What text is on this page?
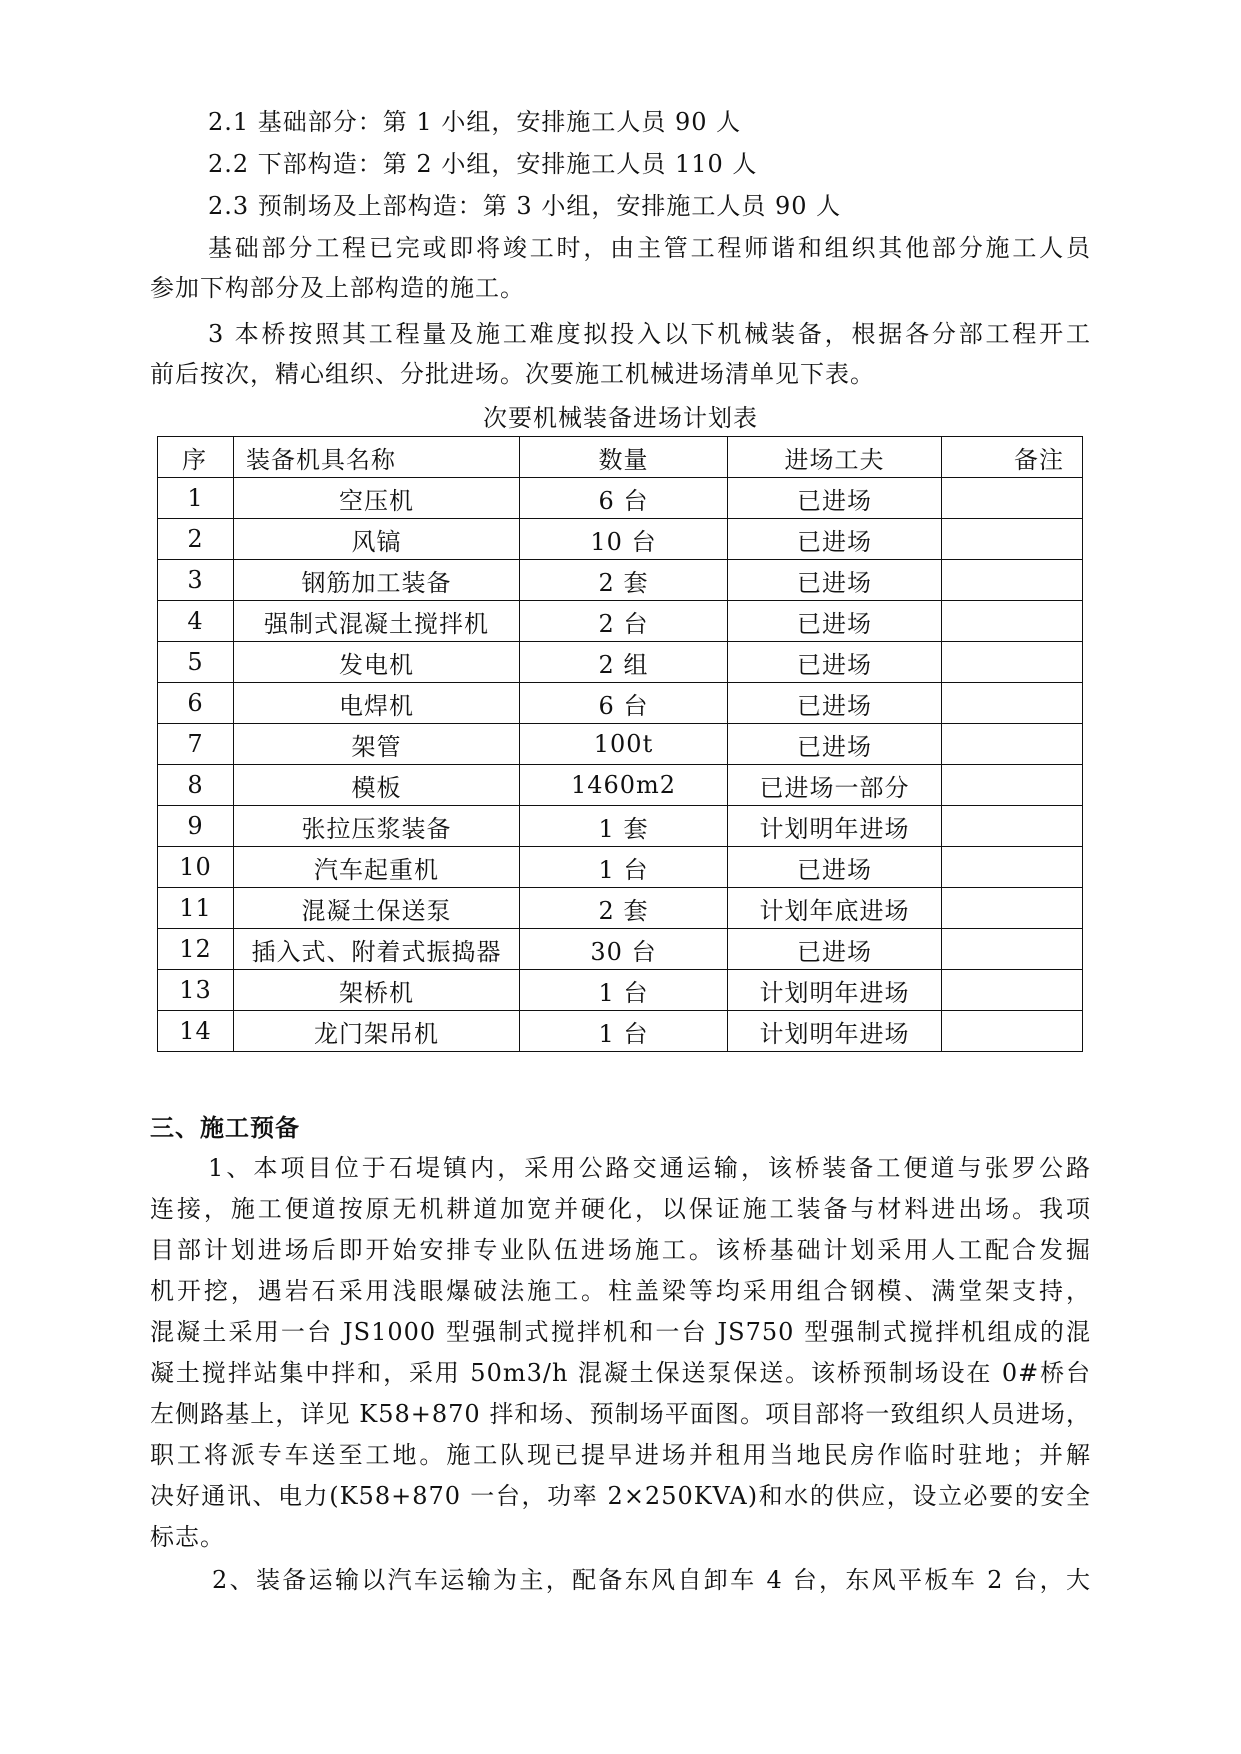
2.1 基础部分：第 1 小组，安排施工人员 90 人
2.2 下部构造：第 2 小组，安排施工人员 110 人
2.3 预制场及上部构造：第 3 小组，安排施工人员 90 人
基础部分工程已完或即将竣工时，由主管工程师谐和组织其他部分施工人员
参加下构部分及上部构造的施工。
3 本桥按照其工程量及施工难度拟投入以下机械装备，根据各分部工程开工
前后按次，精心组织、分批进场。次要施工机械进场清单见下表。
次要机械装备进场计划表
序	装备机具名称	数量	进场工夫	备注
1	空压机	6 台	已进场	
2	风镐	10 台	已进场	
3	钢筋加工装备	2 套	已进场	
4	强制式混凝土搅拌机	2 台	已进场	
5	发电机	2 组	已进场	
6	电焊机	6 台	已进场	
7	架管	100t	已进场	
8	模板	1460m2	已进场一部分	
9	张拉压浆装备	1 套	计划明年进场	
10	汽车起重机	1 台	已进场	
11	混凝土保送泵	2 套	计划年底进场	
12	插入式、附着式振捣器	30 台	已进场	
13	架桥机	1 台	计划明年进场	
14	龙门架吊机	1 台	计划明年进场	
三、施工预备
1、本项目位于石堤镇内，采用公路交通运输，该桥装备工便道与张罗公路
连接，施工便道按原无机耕道加宽并硬化，以保证施工装备与材料进出场。我项
目部计划进场后即开始安排专业队伍进场施工。该桥基础计划采用人工配合发掘
机开挖，遇岩石采用浅眼爆破法施工。柱盖梁等均采用组合钢模、满堂架支持，
混凝土采用一台 JS1000 型强制式搅拌机和一台 JS750 型强制式搅拌机组成的混
凝土搅拌站集中拌和，采用 50m3/h 混凝土保送泵保送。该桥预制场设在 0#桥台
左侧路基上，详见 K58+870 拌和场、预制场平面图。项目部将一致组织人员进场，
职工将派专车送至工地。施工队现已提早进场并租用当地民房作临时驻地；并解
决好通讯、电力(K58+870 一台，功率 2×250KVA)和水的供应，设立必要的安全
标志。
2、装备运输以汽车运输为主，配备东风自卸车 4 台，东风平板车 2 台，大
